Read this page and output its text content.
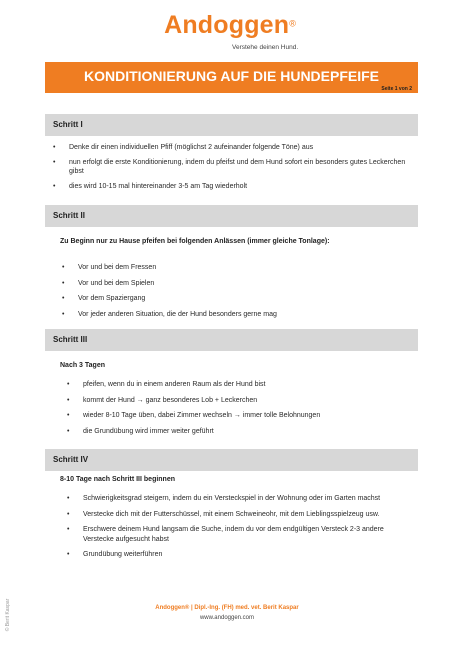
© Berit Kaspar
Andoggen®
Verstehe deinen Hund.
KONDITIONIERUNG AUF DIE HUNDEPFEIFE
Seite 1 von 2
Schritt I
• Denke dir einen individuellen Pfiff (möglichst 2 aufeinander folgende Töne) aus
• nun erfolgt die erste Konditionierung, indem du pfeifst und dem Hund sofort ein besonders gutes Leckerchen gibst
• dies wird 10-15 mal hintereinander 3-5 am Tag wiederholt
Schritt II
Zu Beginn nur zu Hause pfeifen bei folgenden Anlässen (immer gleiche Tonlage):
• Vor und bei dem Fressen
• Vor und bei dem Spielen
• Vor dem Spaziergang
• Vor jeder anderen Situation, die der Hund besonders gerne mag
Schritt III
Nach 3 Tagen
• pfeifen, wenn du in einem anderen Raum als der Hund bist
• kommt der Hund → ganz besonderes Lob + Leckerchen
• wieder 8-10 Tage üben, dabei Zimmer wechseln → immer tolle Belohnungen
• die Grundübung wird immer weiter geführt
Schritt IV
8-10 Tage nach Schritt III beginnen
• Schwierigkeitsgrad steigern, indem du ein Versteckspiel in der Wohnung oder im Garten machst
• Verstecke dich mit der Futterschüssel, mit einem Schweineohr, mit dem Lieblingsspielzeug usw.
• Erschwere deinem Hund langsam die Suche, indem du vor dem endgültigen Versteck 2-3 andere Verstecke aufgesucht habst
• Grundübung weiterführen
Andoggen® | Dipl.-Ing. (FH) med. vet. Berit Kaspar
www.andoggen.com
